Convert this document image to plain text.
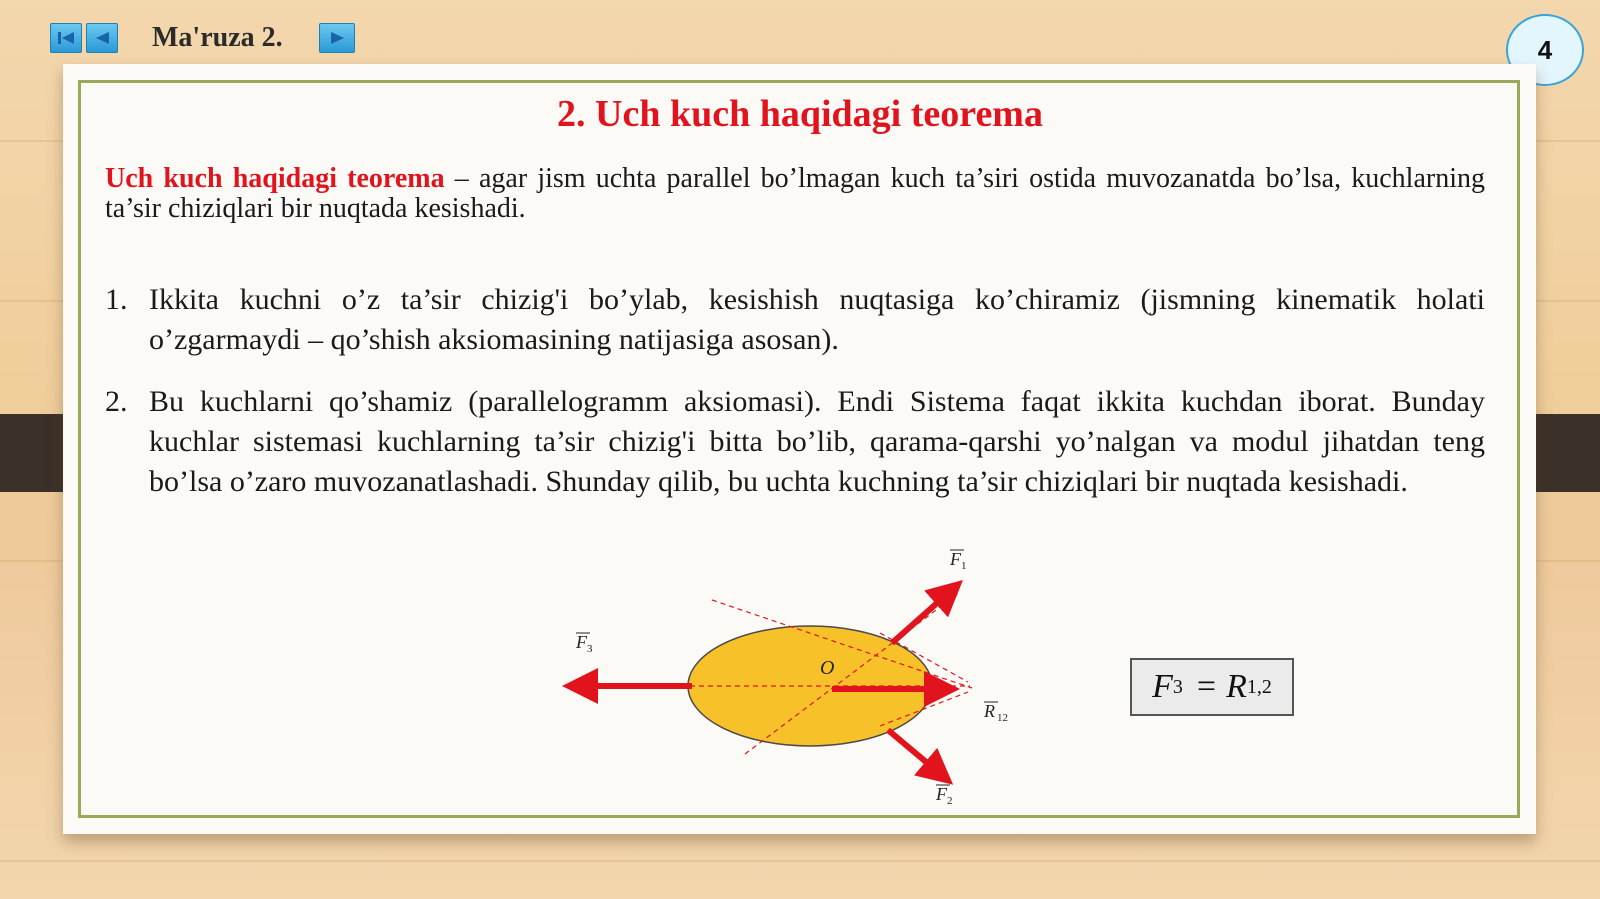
Ma'ruza 2.	4
2. Uch kuch haqidagi teorema
Uch kuch haqidagi teorema – agar jism uchta parallel bo’lmagan kuch ta’siri ostida muvozanatda bo’lsa, kuchlarning ta’sir chiziqlari bir nuqtada kesishadi.
1. Ikkita kuchni o’z ta’sir chizig'i bo’ylab, kesishish nuqtasiga ko’chiramiz (jismning kinematik holati o’zgarmaydi – qo’shish aksiomasining natijasiga asosan).
2. Bu kuchlarni qo’shamiz (parallelogramm aksiomasi). Endi Sistema faqat ikkita kuchdan iborat. Bunday kuchlar sistemasi kuchlarning ta’sir chizig'i bitta bo’lib, qarama-qarshi yo’nalgan va modul jihatdan teng bo’lsa o’zaro muvozanatlashadi. Shunday qilib, bu uchta kuchning ta’sir chiziqlari bir nuqtada kesishadi.
O
F 1
F 2
F 3
R 12
F 3 = R 1,2
